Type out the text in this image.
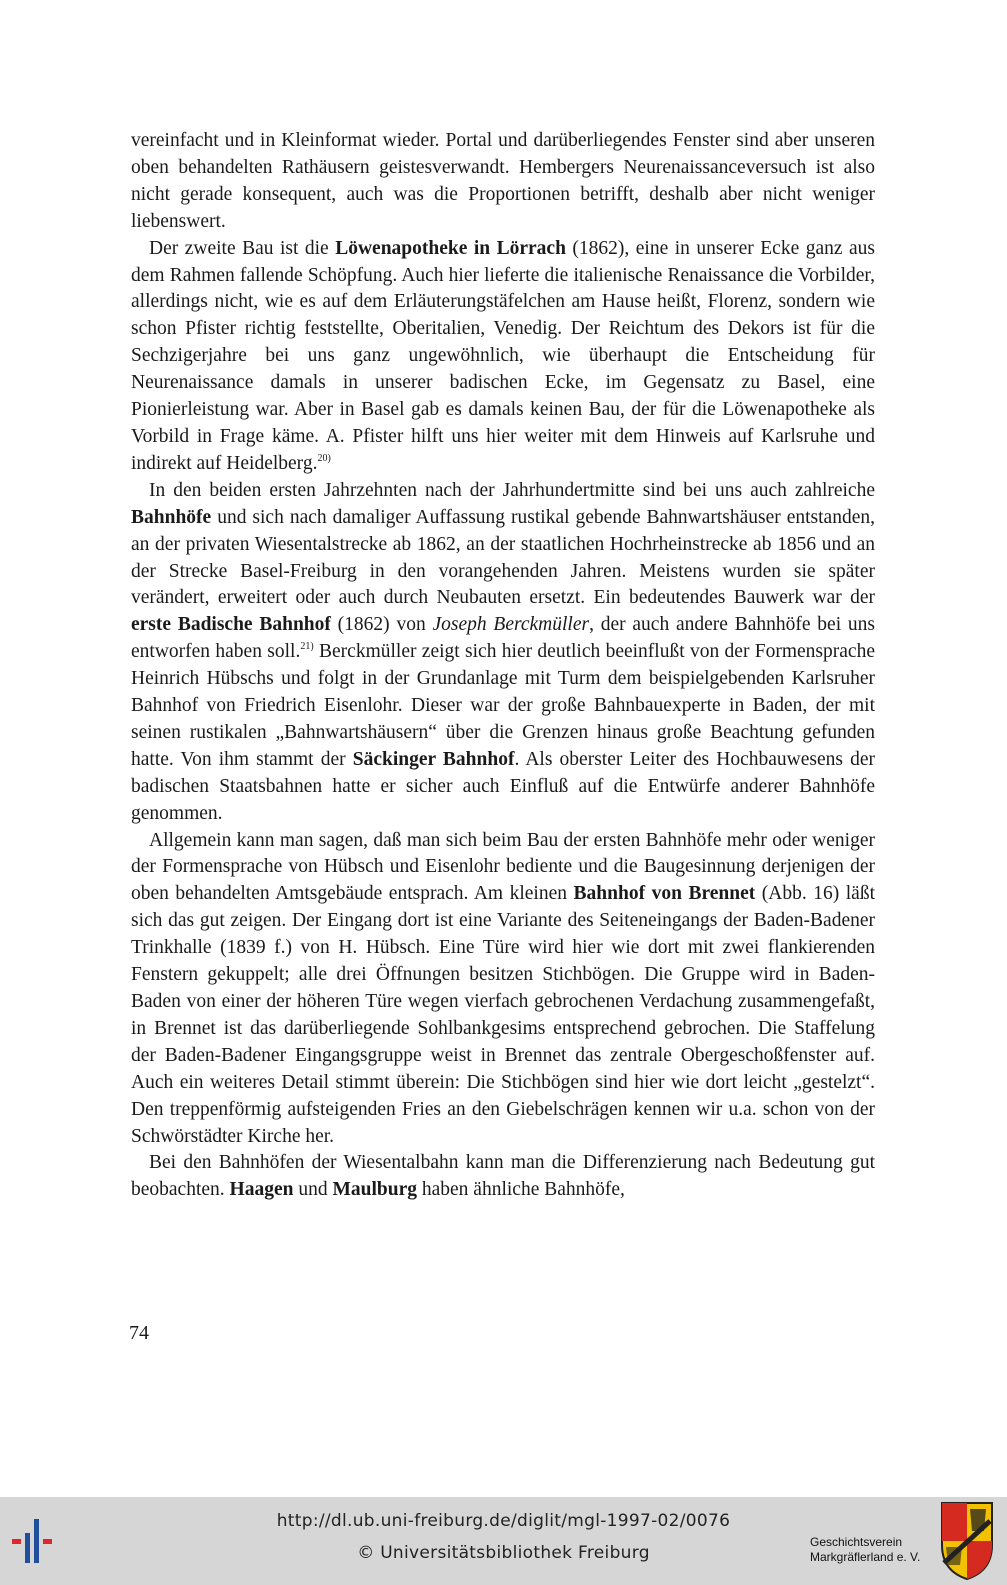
vereinfacht und in Kleinformat wieder. Portal und darüberliegendes Fenster sind aber unseren oben behandelten Rathäusern geistesverwandt. Hembergers Neurenaissanceversuch ist also nicht gerade konsequent, auch was die Proportionen betrifft, deshalb aber nicht weniger liebenswert.

Der zweite Bau ist die Löwenapotheke in Lörrach (1862), eine in unserer Ecke ganz aus dem Rahmen fallende Schöpfung. Auch hier lieferte die italienische Renaissance die Vorbilder, allerdings nicht, wie es auf dem Erläuterungstäfelchen am Hause heißt, Florenz, sondern wie schon Pfister richtig feststellte, Oberitalien, Venedig. Der Reichtum des Dekors ist für die Sechzigerjahre bei uns ganz ungewöhnlich, wie überhaupt die Entscheidung für Neurenaissance damals in unserer badischen Ecke, im Gegensatz zu Basel, eine Pionierleistung war. Aber in Basel gab es damals keinen Bau, der für die Löwenapotheke als Vorbild in Frage käme. A. Pfister hilft uns hier weiter mit dem Hinweis auf Karlsruhe und indirekt auf Heidelberg.$^{20)}$

In den beiden ersten Jahrzehnten nach der Jahrhundertmitte sind bei uns auch zahlreiche Bahnhöfe und sich nach damaliger Auffassung rustikal gebende Bahnwartshäuser entstanden, an der privaten Wiesentalstrecke ab 1862, an der staatlichen Hochrheinstrecke ab 1856 und an der Strecke Basel-Freiburg in den vorangehenden Jahren. Meistens wurden sie später verändert, erweitert oder auch durch Neubauten ersetzt. Ein bedeutendes Bauwerk war der erste Badische Bahnhof (1862) von Joseph Berckmüller, der auch andere Bahnhöfe bei uns entworfen haben soll.$^{21)}$ Berckmüller zeigt sich hier deutlich beeinflußt von der Formensprache Heinrich Hübschs und folgt in der Grundanlage mit Turm dem beispielgebenden Karlsruher Bahnhof von Friedrich Eisenlohr. Dieser war der große Bahnbauexperte in Baden, der mit seinen rustikalen „Bahnwartshäusern“ über die Grenzen hinaus große Beachtung gefunden hatte. Von ihm stammt der Säckinger Bahnhof. Als oberster Leiter des Hochbauwesens der badischen Staatsbahnen hatte er sicher auch Einfluß auf die Entwürfe anderer Bahnhöfe genommen.

Allgemein kann man sagen, daß man sich beim Bau der ersten Bahnhöfe mehr oder weniger der Formensprache von Hübsch und Eisenlohr bediente und die Baugesinnung derjenigen der oben behandelten Amtsgebäude entsprach. Am kleinen Bahnhof von Brennet (Abb. 16) läßt sich das gut zeigen. Der Eingang dort ist eine Variante des Seiteneingangs der Baden-Badener Trinkhalle (1839 f.) von H. Hübsch. Eine Türe wird hier wie dort mit zwei flankierenden Fenstern gekuppelt; alle drei Öffnungen besitzen Stichbögen. Die Gruppe wird in Baden-Baden von einer der höheren Türe wegen vierfach gebrochenen Verdachung zusammengefaßt, in Brennet ist das darüberliegende Sohlbankgesims entsprechend gebrochen. Die Staffelung der Baden-Badener Eingangsgruppe weist in Brennet das zentrale Obergeschoßfenster auf. Auch ein weiteres Detail stimmt überein: Die Stichbögen sind hier wie dort leicht „gestelzt“. Den treppenförmig aufsteigenden Fries an den Giebelschrägen kennen wir u.a. schon von der Schwörstädter Kirche her.

Bei den Bahnhöfen der Wiesentalbahn kann man die Differenzierung nach Bedeutung gut beobachten. Haagen und Maulburg haben ähnliche Bahnhöfe,

74
http://dl.ub.uni-freiburg.de/diglit/mgl-1997-02/0076
© Universitätsbibliothek Freiburg
Geschichtsverein
Markgräflerland e. V.
